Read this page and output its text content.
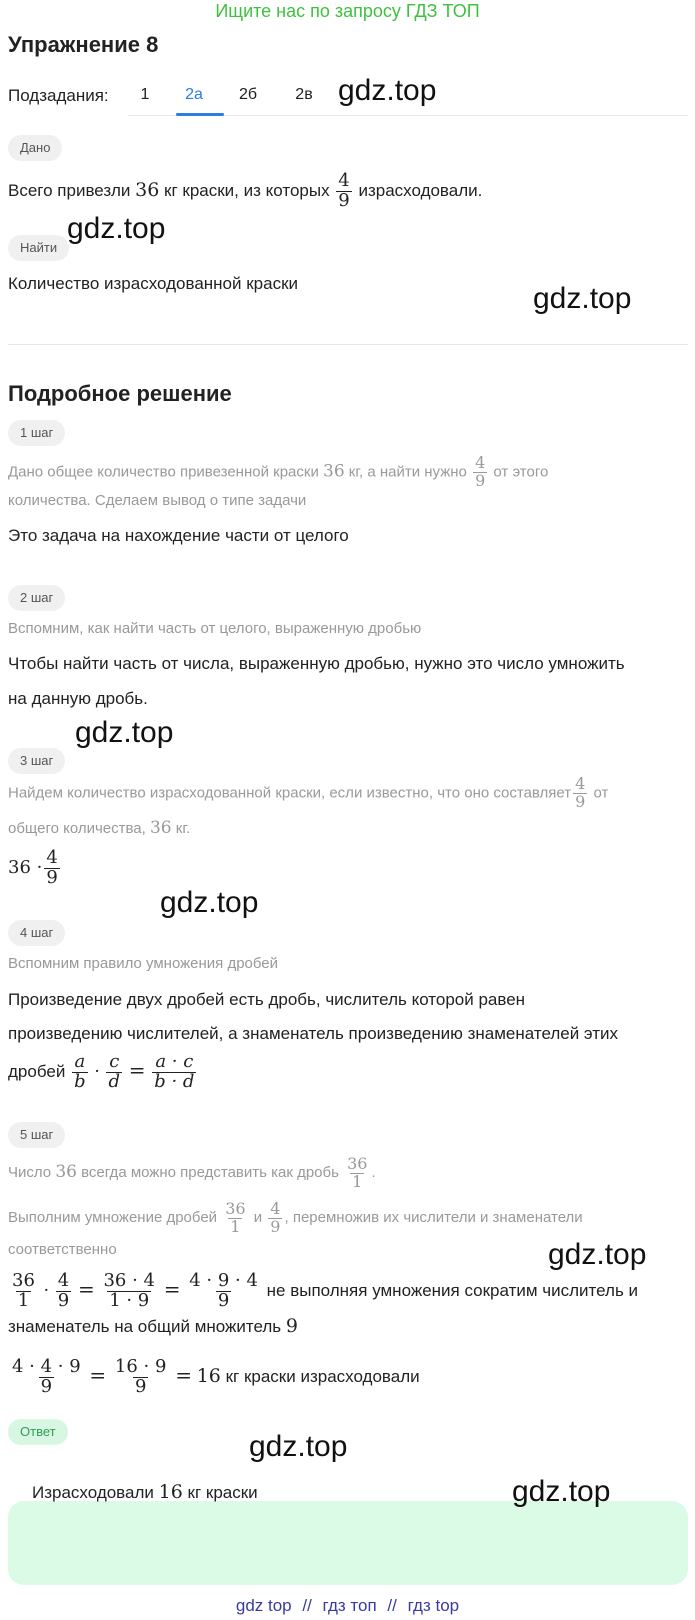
Ищите нас по запросу ГДЗ ТОП
Упражнение 8
Подзадания: 1	2а	2б 2в gdz.top
Дано
Всего привезли 36 кг краски, из которых $\frac{4}{9}$ израсходовали.
Найти
gdz.top
Количество израсходованной краски	gdz.top
Подробное решение
1 шаг
Дано общее количество привезенной краски 36 кг, а найти нужно $\frac{4}{9}$ от этого
количества. Сделаем вывод о типе задачи
Это задача на нахождение части от целого
2 шаг
Вспомним, как найти часть от целого, выраженную дробью
Чтобы найти часть от числа, выраженную дробью, нужно это число умножить
на данную дробь.
gdz.top
3 шаг
Найдем количество израсходованной краски, если известно, что оно составляет $\frac{4}{9}$ от
общего количества, 36 кг.
$36 \cdot \frac{4}{9}$
gdz.top
4 шаг
Вспомним правило умножения дробей
Произведение двух дробей есть дробь, числитель которой равен
произведению числителей, а знаменатель произведению знаменателей этих
дробей $\frac{a}{b} \cdot \frac{c}{d} = \frac{a \cdot c}{b \cdot d}$
5 шаг
Число 36 всегда можно представить как дробь $\frac{36}{1}$ .
Выполним умножение дробей $\frac{36}{1}$ и $\frac{4}{9}$ , перемножив их числители и знаменатели
соответственно	gdz.top
$\frac{36}{1} \cdot \frac{4}{9} = \frac{36 \cdot 4}{1 \cdot 9} = \frac{4 \cdot 9 \cdot 4}{9}$ не выполняя умножения сократим числитель и
знаменатель на общий множитель 9
$\frac{4 \cdot 4 \cdot 9}{9} = \frac{16 \cdot 9}{9} = 16$ кг краски израсходовали
Ответ	gdz.top
Израсходовали 16 кг краски	gdz.top
gdz top // гдз топ // гдз top
